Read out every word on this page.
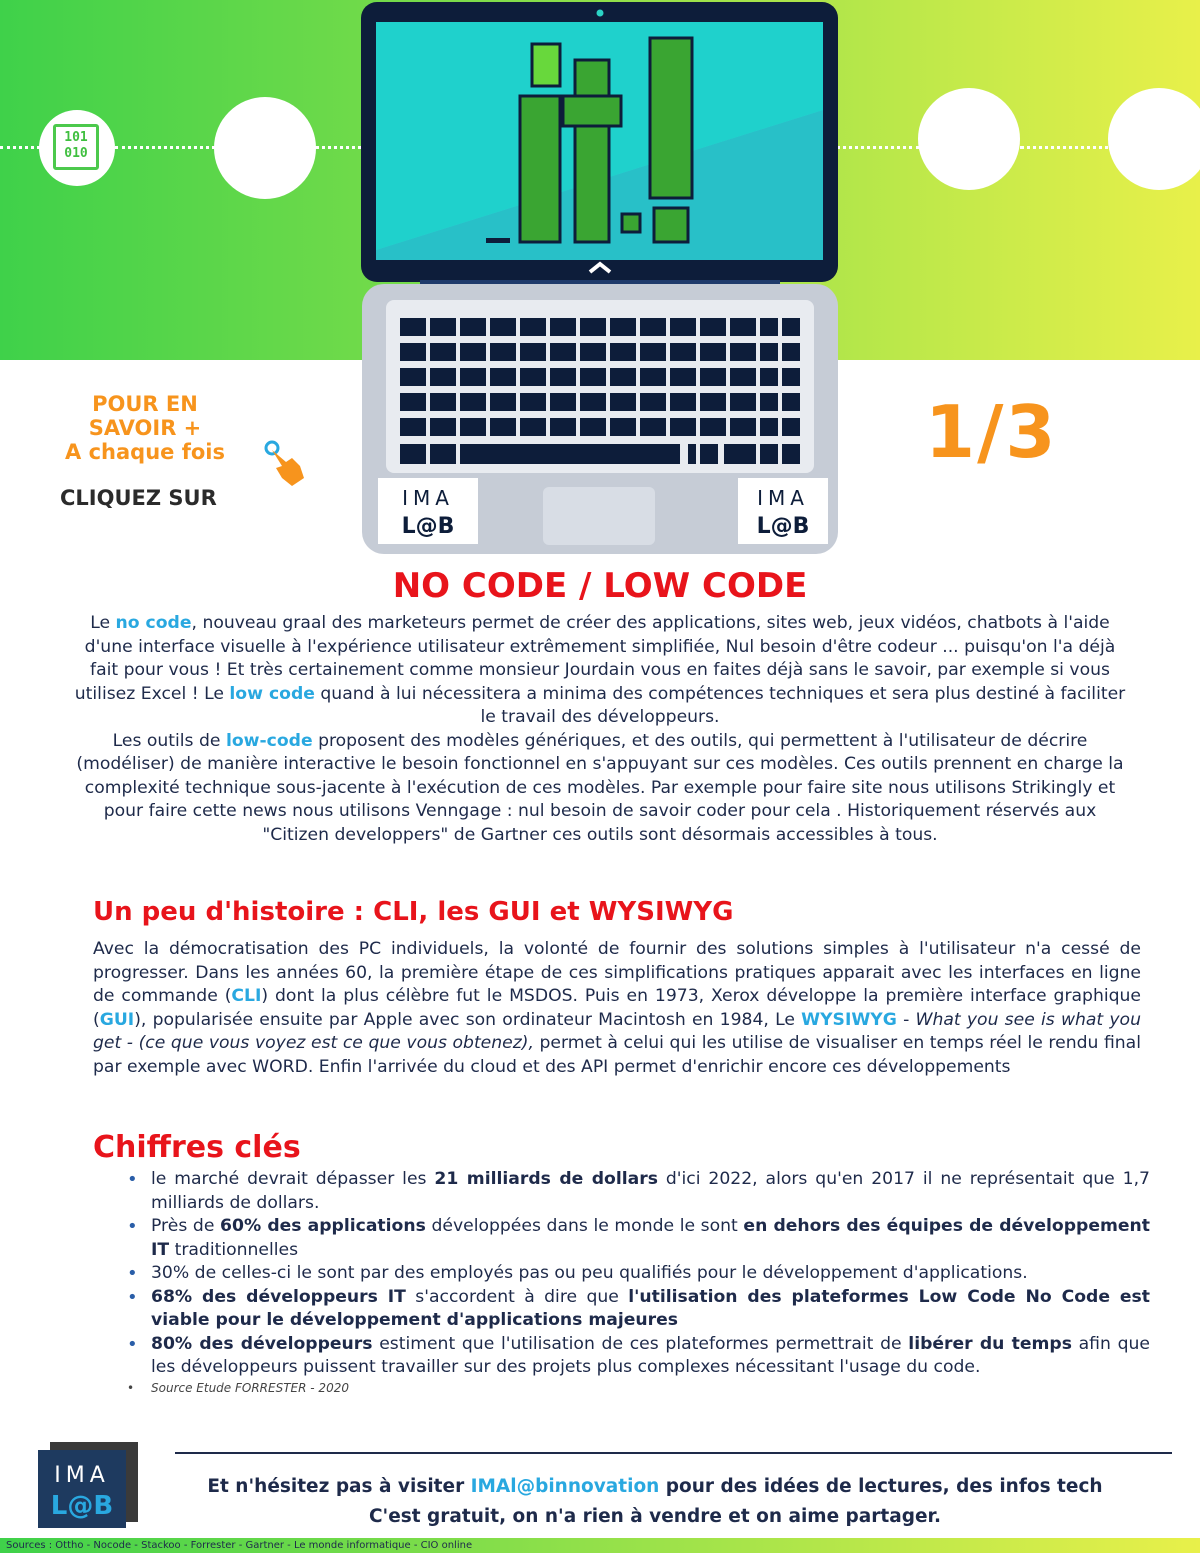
101
010
IMA
L@B
IMA
L@B
it!
POUR EN
SAVOIR +
A chaque fois
CLIQUEZ SUR
1/3
NO CODE / LOW CODE
Le no code, nouveau graal des marketeurs permet de créer des applications, sites web, jeux vidéos, chatbots à l'aide d'une interface visuelle à l'expérience utilisateur extrêmement simplifiée, Nul besoin d'être codeur ... puisqu'on l'a déjà fait pour vous ! Et très certainement comme monsieur Jourdain vous en faites déjà sans le savoir, par exemple si vous utilisez Excel ! Le low code quand à lui nécessitera a minima des compétences techniques et sera plus destiné à faciliter le travail des développeurs.
Les outils de low-code proposent des modèles génériques, et des outils, qui permettent à l'utilisateur de décrire (modéliser) de manière interactive le besoin fonctionnel en s'appuyant sur ces modèles. Ces outils prennent en charge la complexité technique sous-jacente à l'exécution de ces modèles. Par exemple pour faire site nous utilisons Strikingly et pour faire cette news nous utilisons Venngage : nul besoin de savoir coder pour cela . Historiquement réservés aux "Citizen developpers" de Gartner ces outils sont désormais accessibles à tous.
Un peu d'histoire : CLI, les GUI et WYSIWYG
Avec la démocratisation des PC individuels, la volonté de fournir des solutions simples à l'utilisateur n'a cessé de progresser. Dans les années 60, la première étape de ces simplifications pratiques apparait avec les interfaces en ligne de commande (CLI) dont la plus célèbre fut le MSDOS. Puis en 1973, Xerox développe la première interface graphique (GUI), popularisée ensuite par Apple avec son ordinateur Macintosh en 1984, Le WYSIWYG - What you see is what you get - (ce que vous voyez est ce que vous obtenez), permet à celui qui les utilise de visualiser en temps réel le rendu final par exemple avec WORD. Enfin l'arrivée du cloud et des API permet d'enrichir encore ces développements
Chiffres clés
• le marché devrait dépasser les 21 milliards de dollars d'ici 2022, alors qu'en 2017 il ne représentait que 1,7 milliards de dollars.
• Près de 60% des applications développées dans le monde le sont en dehors des équipes de développement IT traditionnelles
• 30% de celles-ci le sont par des employés pas ou peu qualifiés pour le développement d'applications.
• 68% des développeurs IT s'accordent à dire que l'utilisation des plateformes Low Code No Code est viable pour le développement d'applications majeures
• 80% des développeurs estiment que l'utilisation de ces plateformes permettrait de libérer du temps afin que les développeurs puissent travailler sur des projets plus complexes nécessitant l'usage du code.
• Source Etude FORRESTER - 2020
IMA
L@B
Et n'hésitez pas à visiter IMAl@binnovation pour des idées de lectures, des infos tech
C'est gratuit, on n'a rien à vendre et on aime partager.
Sources : Ottho - Nocode - Stackoo - Forrester - Gartner - Le monde informatique - CIO online
